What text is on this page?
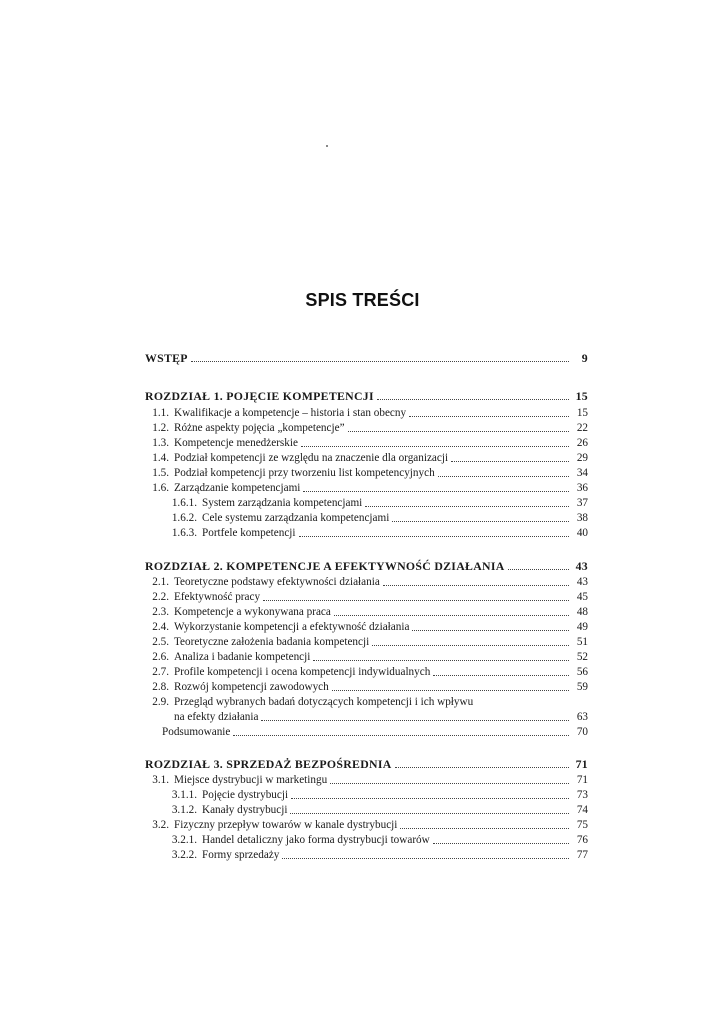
SPIS TREŚCI
WSTĘP	9
ROZDZIAŁ 1. POJĘCIE KOMPETENCJI	15
1.1. Kwalifikacje a kompetencje – historia i stan obecny	15
1.2. Różne aspekty pojęcia „kompetencje”	22
1.3. Kompetencje menedżerskie	26
1.4. Podział kompetencji ze względu na znaczenie dla organizacji	29
1.5. Podział kompetencji przy tworzeniu list kompetencyjnych	34
1.6. Zarządzanie kompetencjami	36
1.6.1. System zarządzania kompetencjami	37
1.6.2. Cele systemu zarządzania kompetencjami	38
1.6.3. Portfele kompetencji	40
ROZDZIAŁ 2. KOMPETENCJE A EFEKTYWNOŚĆ DZIAŁANIA	43
2.1. Teoretyczne podstawy efektywności działania	43
2.2. Efektywność pracy	45
2.3. Kompetencje a wykonywana praca	48
2.4. Wykorzystanie kompetencji a efektywność działania	49
2.5. Teoretyczne założenia badania kompetencji	51
2.6. Analiza i badanie kompetencji	52
2.7. Profile kompetencji i ocena kompetencji indywidualnych	56
2.8. Rozwój kompetencji zawodowych	59
2.9. Przegląd wybranych badań dotyczących kompetencji i ich wpływu
na efekty działania	63
Podsumowanie	70
ROZDZIAŁ 3. SPRZEDAŻ BEZPOŚREDNIA	71
3.1. Miejsce dystrybucji w marketingu	71
3.1.1. Pojęcie dystrybucji	73
3.1.2. Kanały dystrybucji	74
3.2. Fizyczny przepływ towarów w kanale dystrybucji	75
3.2.1. Handel detaliczny jako forma dystrybucji towarów	76
3.2.2. Formy sprzedaży	77
